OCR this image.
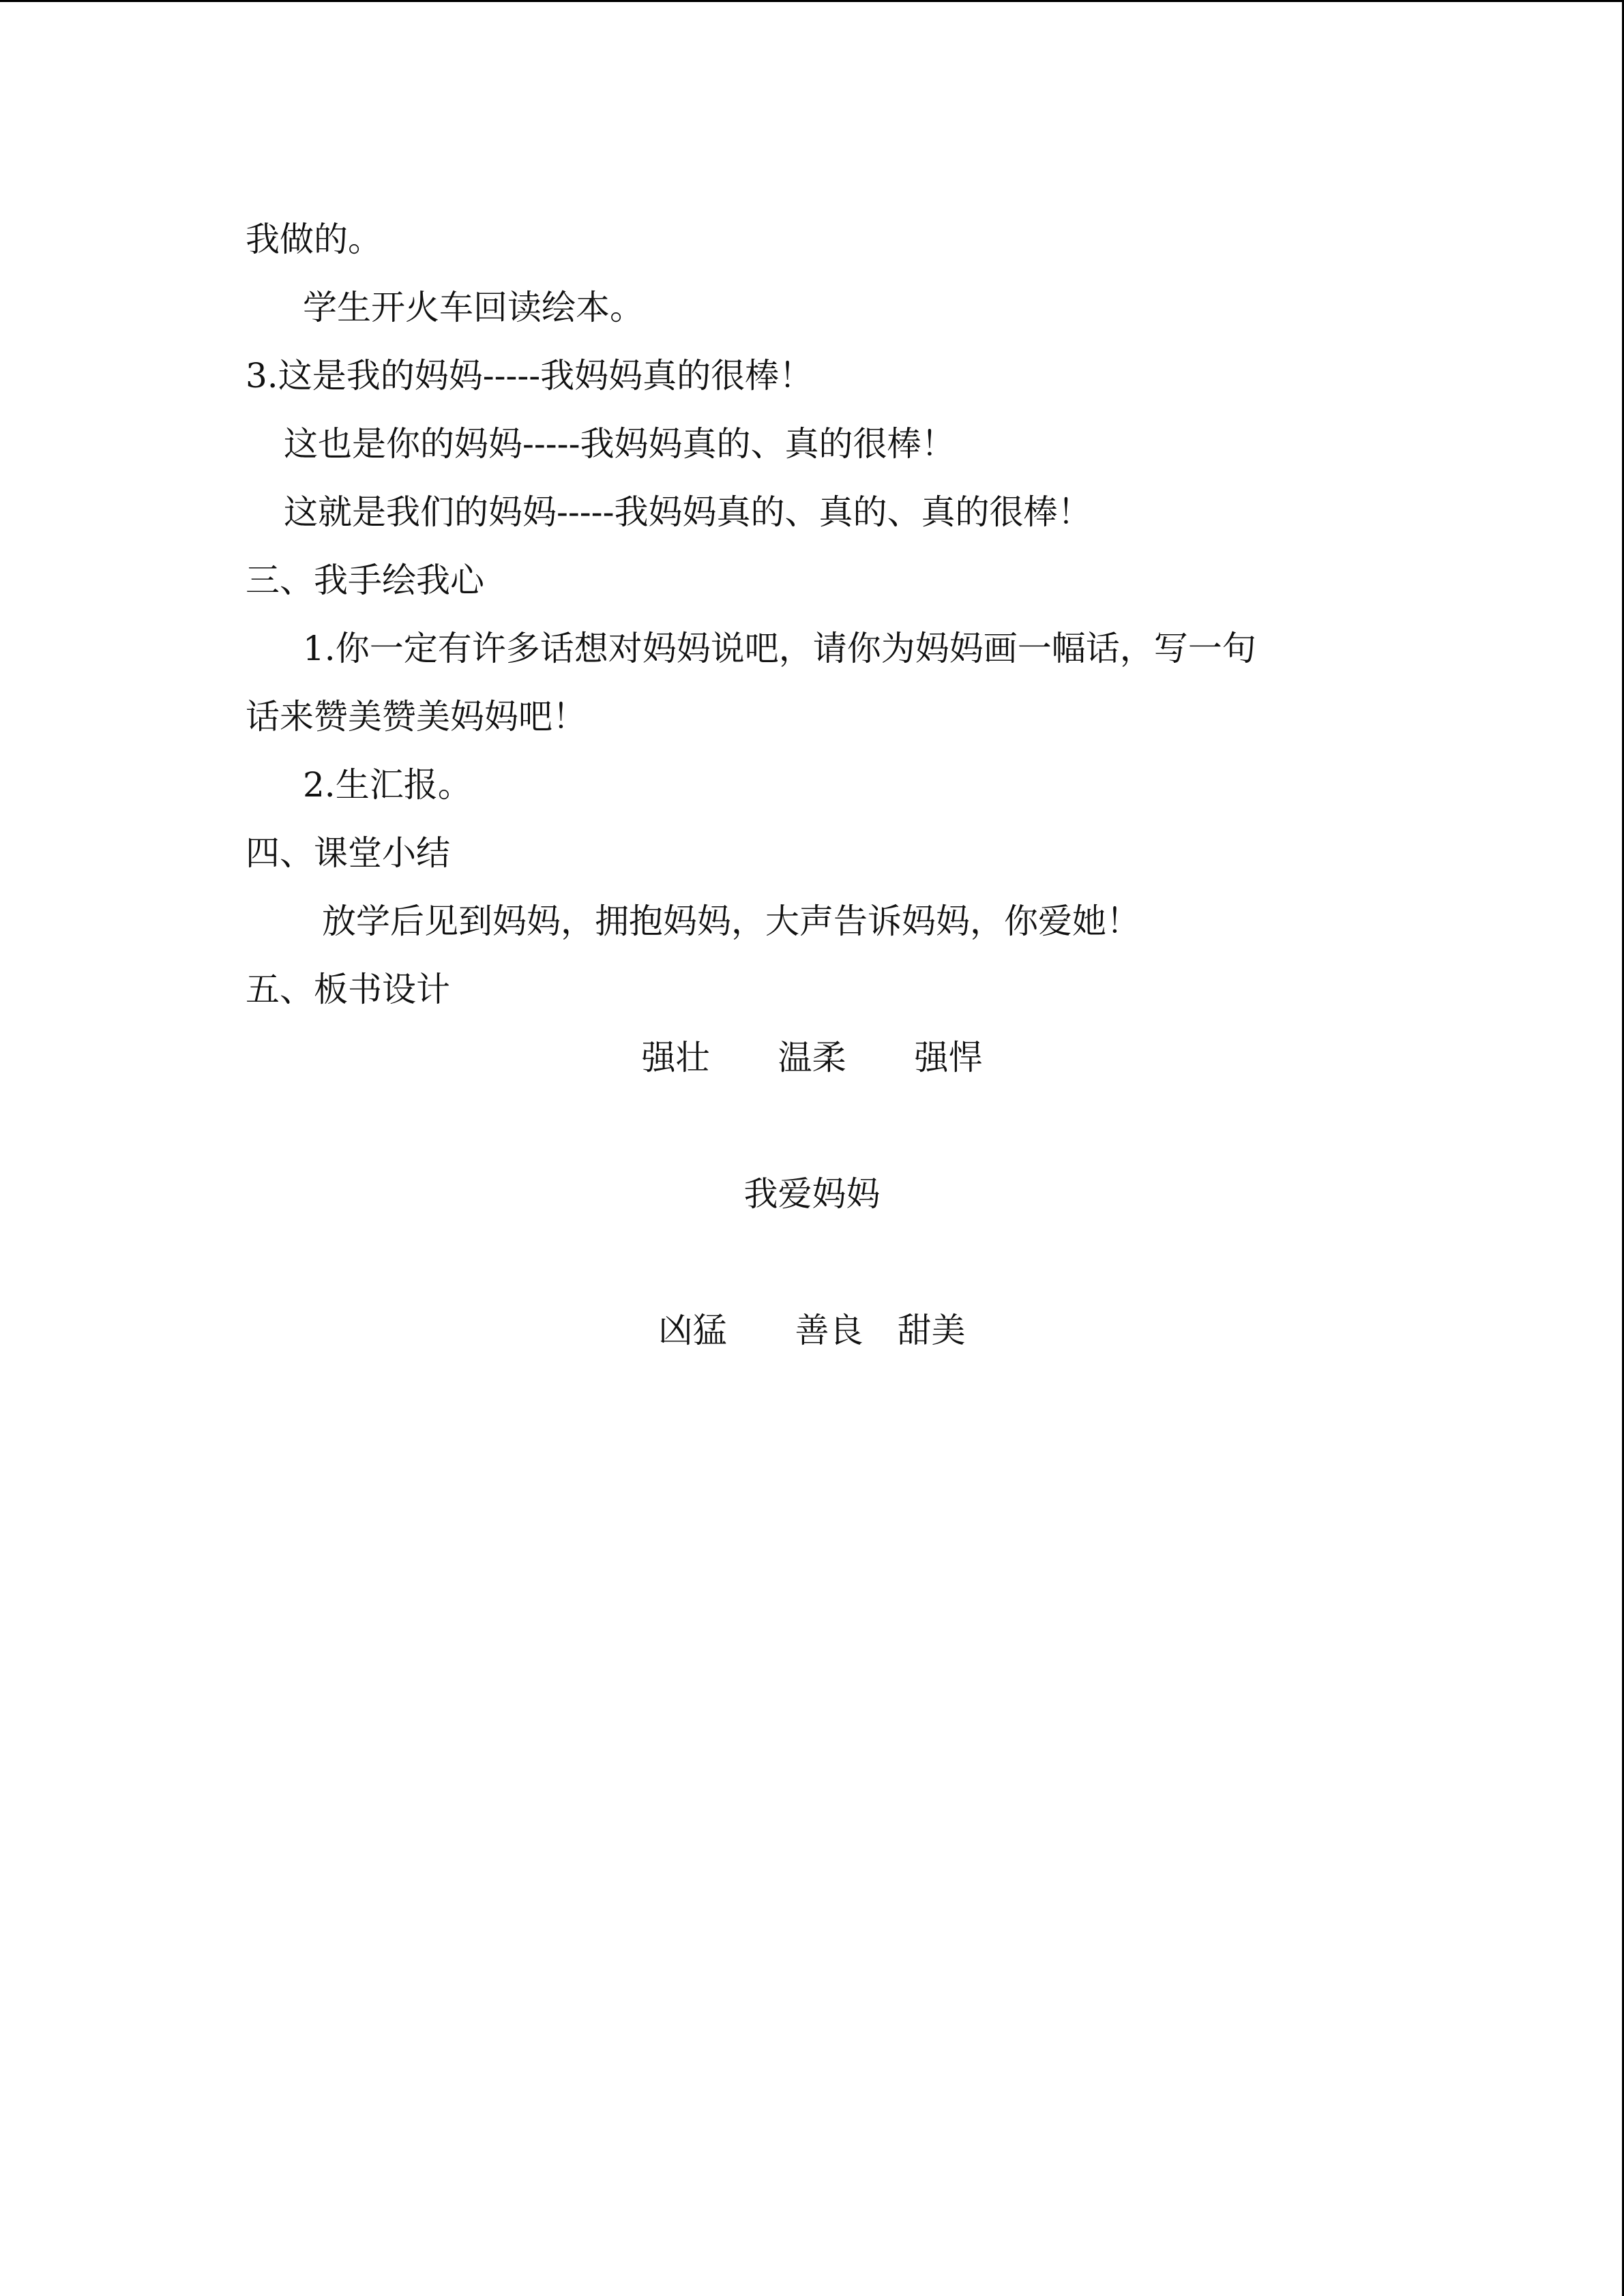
我做的。
学生开火车回读绘本。
3.这是我的妈妈-----我妈妈真的很棒！
这也是你的妈妈-----我妈妈真的、真的很棒！
这就是我们的妈妈-----我妈妈真的、真的、真的很棒！
三、我手绘我心
1.你一定有许多话想对妈妈说吧，请你为妈妈画一幅话，写一句
话来赞美赞美妈妈吧！
2.生汇报。
四、课堂小结
放学后见到妈妈，拥抱妈妈，大声告诉妈妈，你爱她！
五、板书设计
强壮　　温柔　　强悍
我爱妈妈
凶猛　　善良　甜美
